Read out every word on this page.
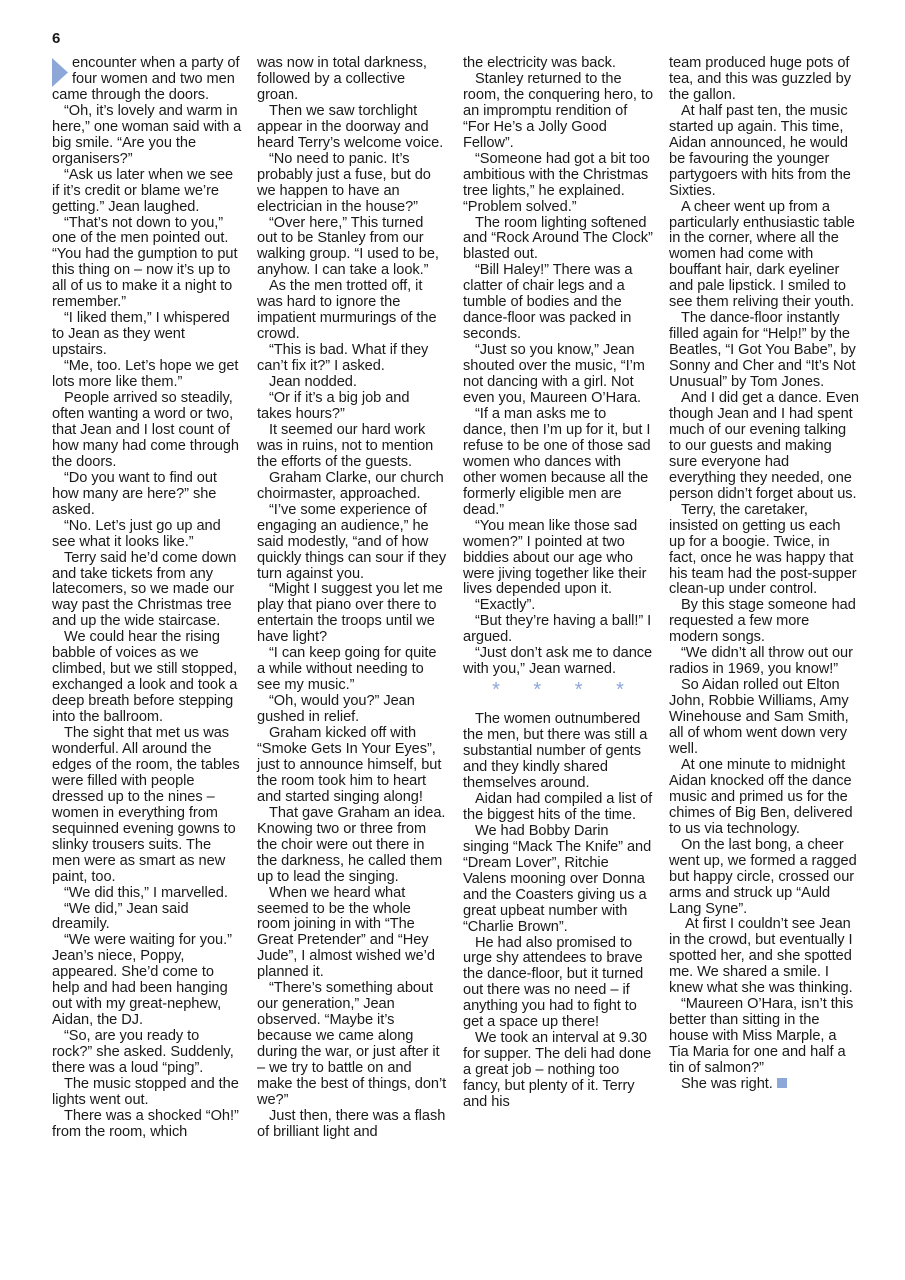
6

encounter when a party of four women and two men came through the doors.

“Oh, it’s lovely and warm in here,” one woman said with a big smile. “Are you the organisers?”

“Ask us later when we see if it’s credit or blame we’re getting.” Jean laughed.

“That’s not down to you,” one of the men pointed out. “You had the gumption to put this thing on – now it’s up to all of us to make it a night to remember.”

“I liked them,” I whispered to Jean as they went upstairs.

“Me, too. Let’s hope we get lots more like them.”

People arrived so steadily, often wanting a word or two, that Jean and I lost count of how many had come through the doors.

“Do you want to find out how many are here?” she asked.

“No. Let’s just go up and see what it looks like.”

Terry said he’d come down and take tickets from any latecomers, so we made our way past the Christmas tree and up the wide staircase.

We could hear the rising babble of voices as we climbed, but we still stopped, exchanged a look and took a deep breath before stepping into the ballroom.

The sight that met us was wonderful. All around the edges of the room, the tables were filled with people dressed up to the nines – women in everything from sequinned evening gowns to slinky trousers suits. The men were as smart as new paint, too.

“We did this,” I marvelled.

“We did,” Jean said dreamily.

“We were waiting for you.” Jean’s niece, Poppy, appeared. She’d come to help and had been hanging out with my great-nephew, Aidan, the DJ.

“So, are you ready to rock?” she asked. Suddenly, there was a loud “ping”.

The music stopped and the lights went out.

There was a shocked “Oh!” from the room, which

was now in total darkness, followed by a collective groan.

Then we saw torchlight appear in the doorway and heard Terry’s welcome voice.

“No need to panic. It’s probably just a fuse, but do we happen to have an electrician in the house?”

“Over here,” This turned out to be Stanley from our walking group. “I used to be, anyhow. I can take a look.”

As the men trotted off, it was hard to ignore the impatient murmurings of the crowd.

“This is bad. What if they can’t fix it?” I asked.

Jean nodded.

“Or if it’s a big job and takes hours?”

It seemed our hard work was in ruins, not to mention the efforts of the guests.

Graham Clarke, our church choirmaster, approached.

“I’ve some experience of engaging an audience,” he said modestly, “and of how quickly things can sour if they turn against you.

“Might I suggest you let me play that piano over there to entertain the troops until we have light?

“I can keep going for quite a while without needing to see my music.”

“Oh, would you?” Jean gushed in relief.

Graham kicked off with “Smoke Gets In Your Eyes”, just to announce himself, but the room took him to heart and started singing along!

That gave Graham an idea. Knowing two or three from the choir were out there in the darkness, he called them up to lead the singing.

When we heard what seemed to be the whole room joining in with “The Great Pretender” and “Hey Jude”, I almost wished we’d planned it.

“There’s something about our generation,” Jean observed. “Maybe it’s because we came along during the war, or just after it – we try to battle on and make the best of things, don’t we?”

Just then, there was a flash of brilliant light and

the electricity was back.

Stanley returned to the room, the conquering hero, to an impromptu rendition of “For He’s a Jolly Good Fellow”.

“Someone had got a bit too ambitious with the Christmas tree lights,” he explained. “Problem solved.”

The room lighting softened and “Rock Around The Clock” blasted out.

“Bill Haley!” There was a clatter of chair legs and a tumble of bodies and the dance-floor was packed in seconds.

“Just so you know,” Jean shouted over the music, “I’m not dancing with a girl. Not even you, Maureen O’Hara.

“If a man asks me to dance, then I’m up for it, but I refuse to be one of those sad women who dances with other women because all the formerly eligible men are dead.”

“You mean like those sad women?” I pointed at two biddies about our age who were jiving together like their lives depended upon it.

“Exactly”.

“But they’re having a ball!” I argued.

“Just don’t ask me to dance with you,” Jean warned.

* * * *

The women outnumbered the men, but there was still a substantial number of gents and they kindly shared themselves around.

Aidan had compiled a list of the biggest hits of the time.

We had Bobby Darin singing “Mack The Knife” and “Dream Lover”, Ritchie Valens mooning over Donna and the Coasters giving us a great upbeat number with “Charlie Brown”.

He had also promised to urge shy attendees to brave the dance-floor, but it turned out there was no need – if anything you had to fight to get a space up there!

We took an interval at 9.30 for supper. The deli had done a great job – nothing too fancy, but plenty of it. Terry and his

team produced huge pots of tea, and this was guzzled by the gallon.

At half past ten, the music started up again. This time, Aidan announced, he would be favouring the younger partygoers with hits from the Sixties.

A cheer went up from a particularly enthusiastic table in the corner, where all the women had come with bouffant hair, dark eyeliner and pale lipstick. I smiled to see them reliving their youth.

The dance-floor instantly filled again for “Help!” by the Beatles, “I Got You Babe”, by Sonny and Cher and “It’s Not Unusual” by Tom Jones.

And I did get a dance. Even though Jean and I had spent much of our evening talking to our guests and making sure everyone had everything they needed, one person didn’t forget about us.

Terry, the caretaker, insisted on getting us each up for a boogie. Twice, in fact, once he was happy that his team had the post-supper clean-up under control.

By this stage someone had requested a few more modern songs.

“We didn’t all throw out our radios in 1969, you know!”

So Aidan rolled out Elton John, Robbie Williams, Amy Winehouse and Sam Smith, all of whom went down very well.

At one minute to midnight Aidan knocked off the dance music and primed us for the chimes of Big Ben, delivered to us via technology.

On the last bong, a cheer went up, we formed a ragged but happy circle, crossed our arms and struck up “Auld Lang Syne”.

At first I couldn’t see Jean in the crowd, but eventually I spotted her, and she spotted me. We shared a smile. I knew what she was thinking.

“Maureen O’Hara, isn’t this better than sitting in the house with Miss Marple, a Tia Maria for one and half a tin of salmon?”

She was right.
